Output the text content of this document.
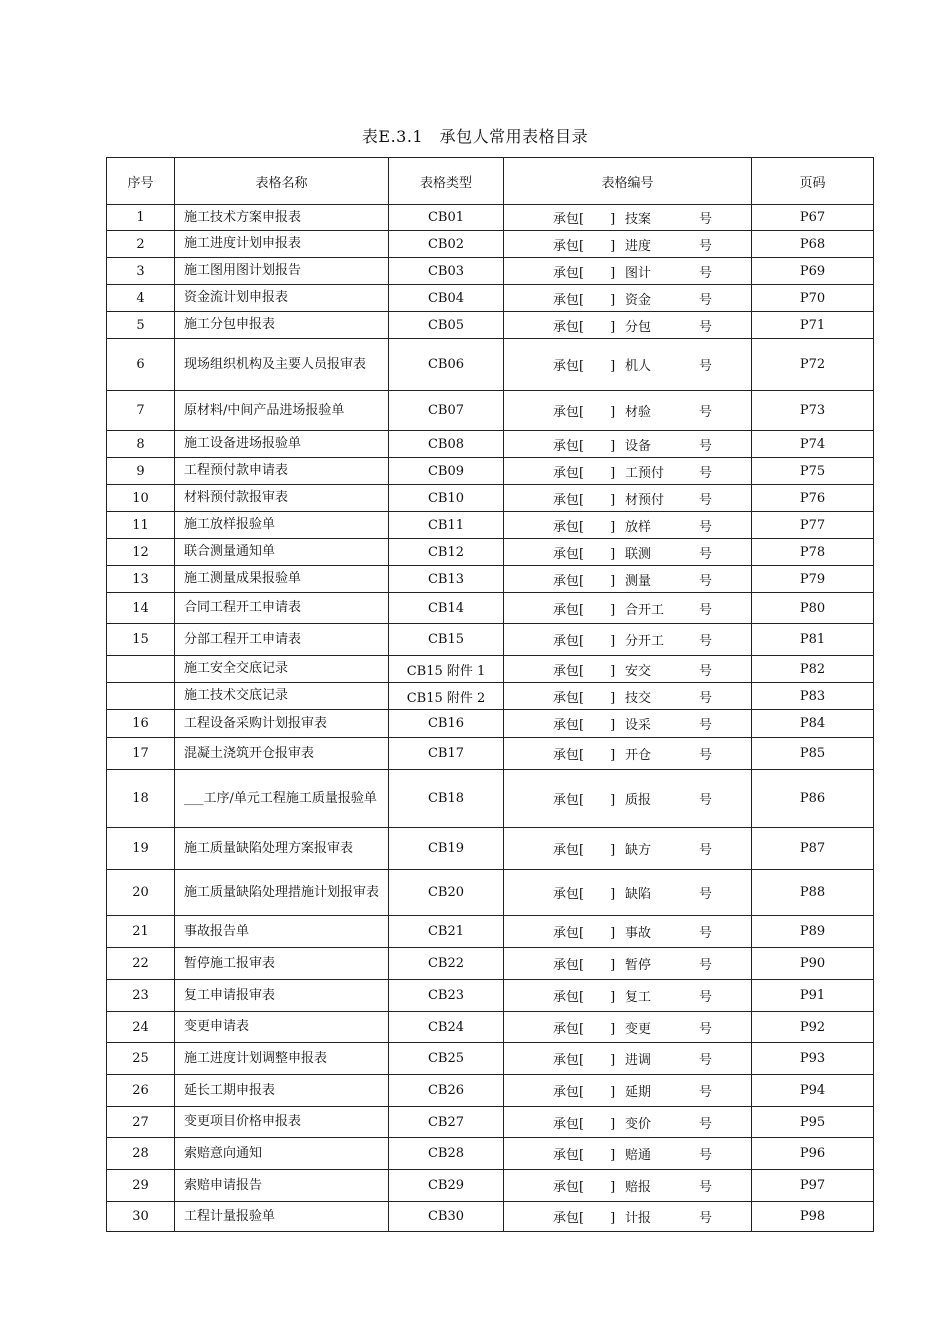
表E.3.1　承包人常用表格目录
序号	表格名称	表格类型	表格编号	页码
1	施工技术方案申报表	CB01	承包[　　] 技案 号	P67
2	施工进度计划申报表	CB02	承包[　　] 进度 号	P68
3	施工图用图计划报告	CB03	承包[　　] 图计 号	P69
4	资金流计划申报表	CB04	承包[　　] 资金 号	P70
5	施工分包申报表	CB05	承包[　　] 分包 号	P71
6	现场组织机构及主要人员报审表	CB06	承包[　　] 机人 号	P72
7	原材料/中间产品进场报验单	CB07	承包[　　] 材验 号	P73
8	施工设备进场报验单	CB08	承包[　　] 设备 号	P74
9	工程预付款申请表	CB09	承包[　　] 工预付 号	P75
10	材料预付款报审表	CB10	承包[　　] 材预付 号	P76
11	施工放样报验单	CB11	承包[　　] 放样 号	P77
12	联合测量通知单	CB12	承包[　　] 联测 号	P78
13	施工测量成果报验单	CB13	承包[　　] 测量 号	P79
14	合同工程开工申请表	CB14	承包[　　] 合开工 号	P80
15	分部工程开工申请表	CB15	承包[　　] 分开工 号	P81
	施工安全交底记录	CB15 附件 1	承包[　　] 安交 号	P82
	施工技术交底记录	CB15 附件 2	承包[　　] 技交 号	P83
16	工程设备采购计划报审表	CB16	承包[　　] 设采 号	P84
17	混凝土浇筑开仓报审表	CB17	承包[　　] 开仓 号	P85
18	___工序/单元工程施工质量报验单	CB18	承包[　　] 质报 号	P86
19	施工质量缺陷处理方案报审表	CB19	承包[　　] 缺方 号	P87
20	施工质量缺陷处理措施计划报审表	CB20	承包[　　] 缺陷 号	P88
21	事故报告单	CB21	承包[　　] 事故 号	P89
22	暂停施工报审表	CB22	承包[　　] 暂停 号	P90
23	复工申请报审表	CB23	承包[　　] 复工 号	P91
24	变更申请表	CB24	承包[　　] 变更 号	P92
25	施工进度计划调整申报表	CB25	承包[　　] 进调 号	P93
26	延长工期申报表	CB26	承包[　　] 延期 号	P94
27	变更项目价格申报表	CB27	承包[　　] 变价 号	P95
28	索赔意向通知	CB28	承包[　　] 赔通 号	P96
29	索赔申请报告	CB29	承包[　　] 赔报 号	P97
30	工程计量报验单	CB30	承包[　　] 计报 号	P98
